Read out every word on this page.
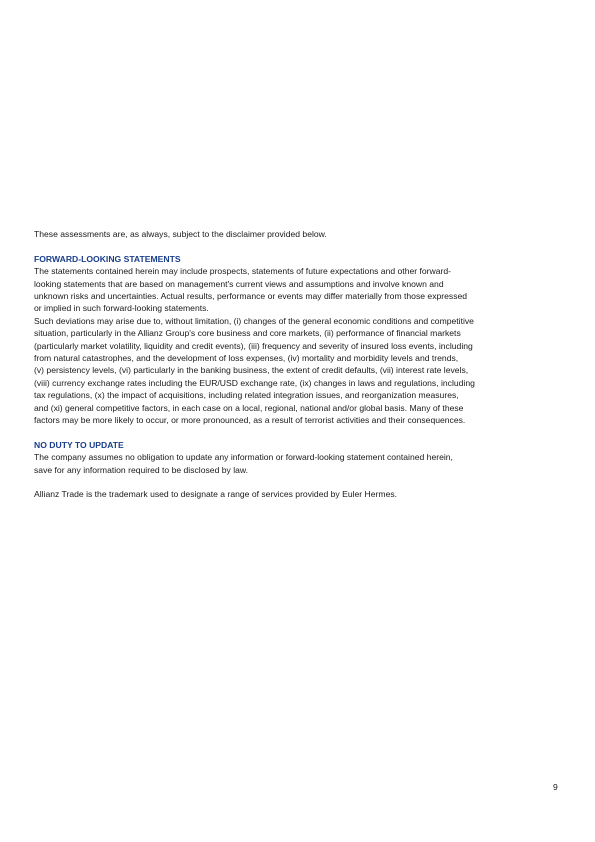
These assessments are, as always, subject to the disclaimer provided below.
FORWARD-LOOKING STATEMENTS
The statements contained herein may include prospects, statements of future expectations and other forward-
looking statements that are based on management's current views and assumptions and involve known and
unknown risks and uncertainties. Actual results, performance or events may differ materially from those expressed
or implied in such forward-looking statements.
Such deviations may arise due to, without limitation, (i) changes of the general economic conditions and competitive
situation, particularly in the Allianz Group's core business and core markets, (ii) performance of financial markets
(particularly market volatility, liquidity and credit events), (iii) frequency and severity of insured loss events, including
from natural catastrophes, and the development of loss expenses, (iv) mortality and morbidity levels and trends,
(v) persistency levels, (vi) particularly in the banking business, the extent of credit defaults, (vii) interest rate levels,
(viii) currency exchange rates including the EUR/USD exchange rate, (ix) changes in laws and regulations, including
tax regulations, (x) the impact of acquisitions, including related integration issues, and reorganization measures,
and (xi) general competitive factors, in each case on a local, regional, national and/or global basis. Many of these
factors may be more likely to occur, or more pronounced, as a result of terrorist activities and their consequences.
NO DUTY TO UPDATE
The company assumes no obligation to update any information or forward-looking statement contained herein,
save for any information required to be disclosed by law.
Allianz Trade is the trademark used to designate a range of services provided by Euler Hermes.
9
